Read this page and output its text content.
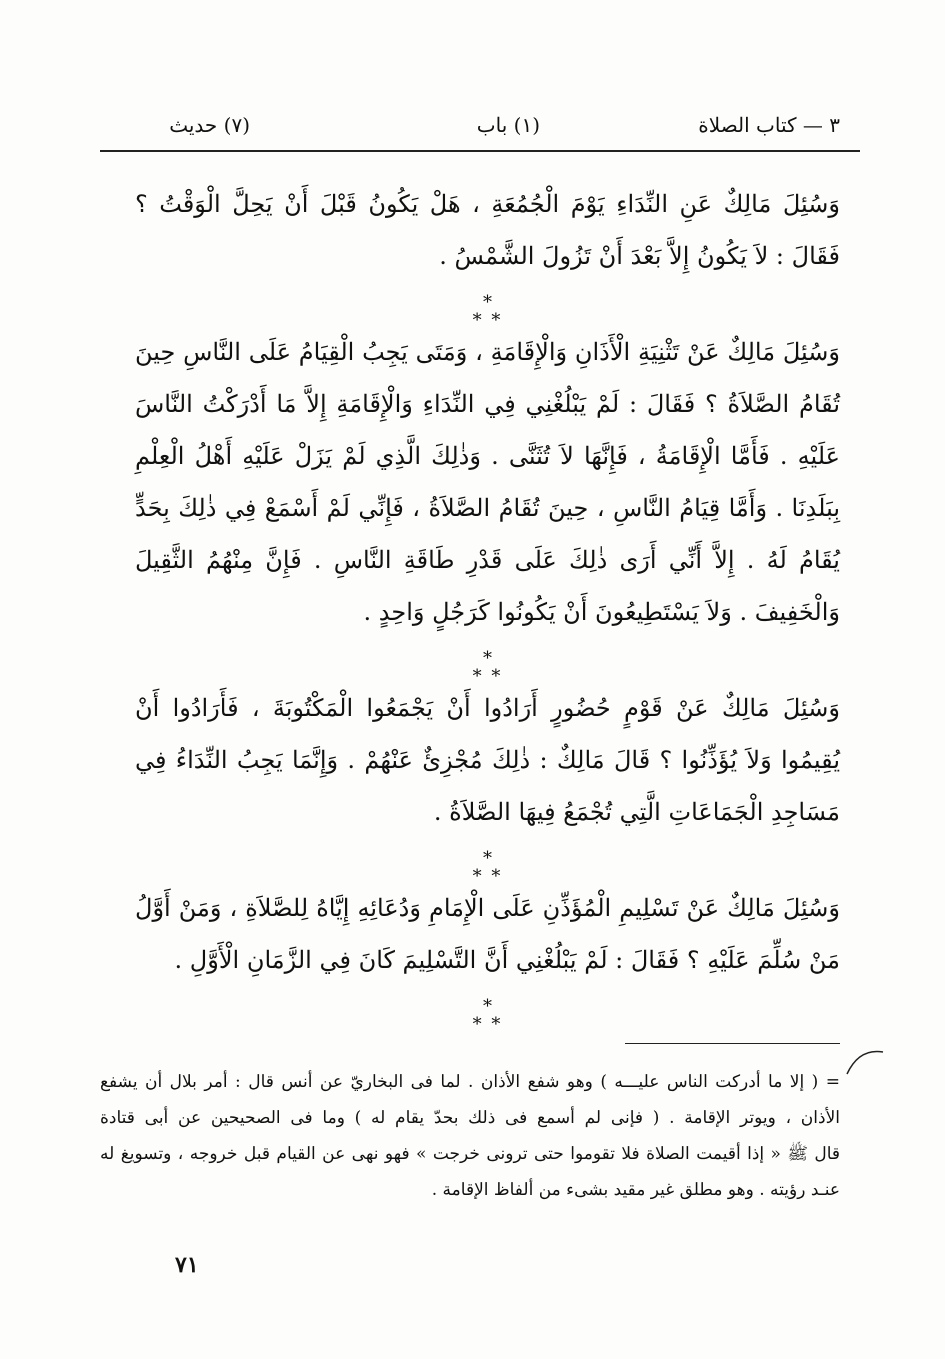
٣ — كتاب الصلاة
(١) باب
(٧) حديث

وَسُئِلَ مَالِكٌ عَنِ النِّدَاءِ يَوْمَ الْجُمُعَةِ ، هَلْ يَكُونُ قَبْلَ أَنْ يَحِلَّ الْوَقْتُ ؟ فَقَالَ : لاَ يَكُونُ إِلاَّ بَعْدَ أَنْ تَزُولَ الشَّمْسُ .

*
* *

وَسُئِلَ مَالِكٌ عَنْ تَثْنِيَةِ الْأَذَانِ وَالْإِقَامَةِ ، وَمَتَى يَجِبُ الْقِيَامُ عَلَى النَّاسِ حِينَ تُقَامُ الصَّلاَةُ ؟ فَقَالَ : لَمْ يَبْلُغْنِي فِي النِّدَاءِ وَالْإِقَامَةِ إِلاَّ مَا أَدْرَكْتُ النَّاسَ عَلَيْهِ . فَأَمَّا الْإِقَامَةُ ، فَإِنَّهَا لاَ تُثَنَّى . وَذٰلِكَ الَّذِي لَمْ يَزَلْ عَلَيْهِ أَهْلُ الْعِلْمِ بِبَلَدِنَا . وَأَمَّا قِيَامُ النَّاسِ ، حِينَ تُقَامُ الصَّلاَةُ ، فَإِنِّي لَمْ أَسْمَعْ فِي ذٰلِكَ بِحَدٍّ يُقَامُ لَهُ . إِلاَّ أَنِّي أَرَى ذٰلِكَ عَلَى قَدْرِ طَاقَةِ النَّاسِ . فَإِنَّ مِنْهُمُ الثَّقِيلَ وَالْخَفِيفَ . وَلاَ يَسْتَطِيعُونَ أَنْ يَكُونُوا كَرَجُلٍ وَاحِدٍ .

*
* *

وَسُئِلَ مَالِكٌ عَنْ قَوْمٍ حُضُورٍ أَرَادُوا أَنْ يَجْمَعُوا الْمَكْتُوبَةَ ، فَأَرَادُوا أَنْ يُقِيمُوا وَلاَ يُؤَذِّنُوا ؟ قَالَ مَالِكٌ : ذٰلِكَ مُجْزِئٌ عَنْهُمْ . وَإِنَّمَا يَجِبُ النِّدَاءُ فِي مَسَاجِدِ الْجَمَاعَاتِ الَّتِي تُجْمَعُ فِيهَا الصَّلاَةُ .

*
* *

وَسُئِلَ مَالِكٌ عَنْ تَسْلِيمِ الْمُؤَذِّنِ عَلَى الْإِمَامِ وَدُعَائِهِ إِيَّاهُ لِلصَّلاَةِ ، وَمَنْ أَوَّلُ مَنْ سُلِّمَ عَلَيْهِ ؟ فَقَالَ : لَمْ يَبْلُغْنِي أَنَّ التَّسْلِيمَ كَانَ فِي الزَّمَانِ الْأَوَّلِ .

*
* *

= ( إلا ما أدركت الناس عليـــه ) وهو شفع الأذان . لما فى البخاريّ عن أنس قال : أمر بلال أن يشفع

الأذان ، ويوتر الإقامة . ( فإنى لم أسمع فى ذلك بحدّ يقام له ) وما فى الصحيحين عن أبى قتادة

قال ﷺ « إذا أقيمت الصلاة فلا تقوموا حتى ترونى خرجت » فهو نهى عن القيام قبل خروجه ، وتسويغ له

عنـد رؤيته . وهو مطلق غير مقيد بشىء من ألفاظ الإقامة .

٧١
